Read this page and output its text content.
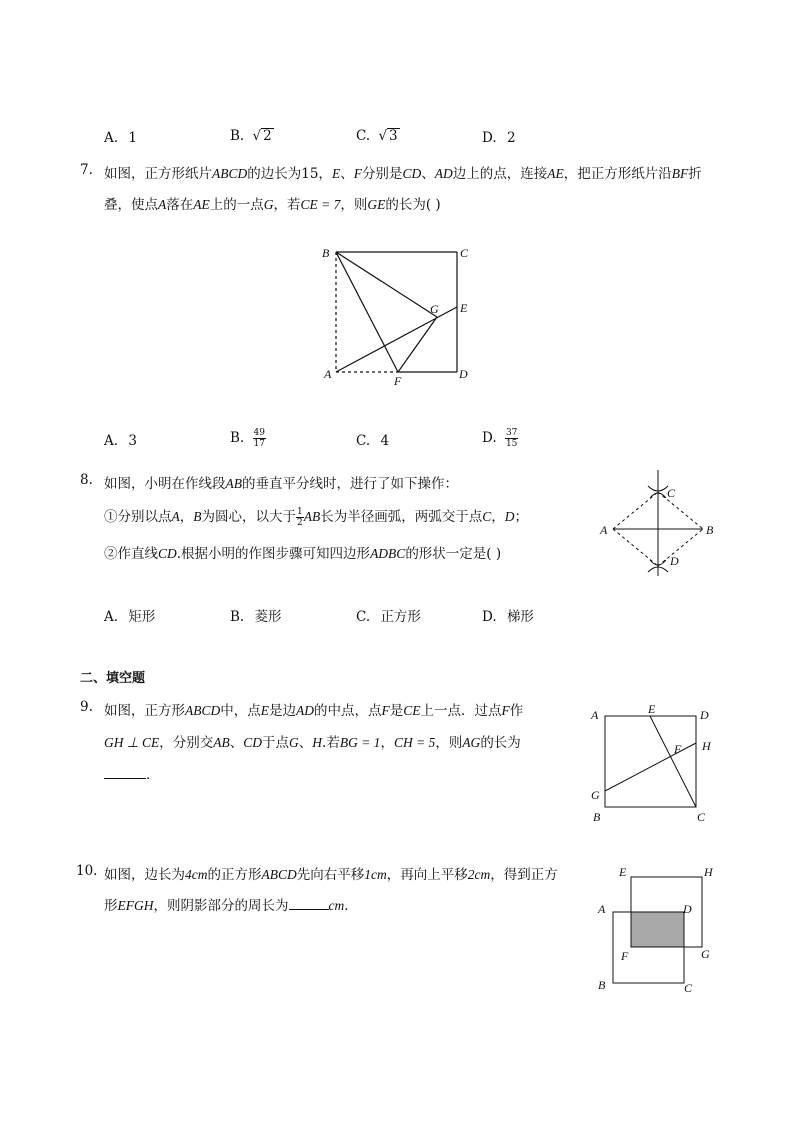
A. 1	B. √ 2	C. √ 3	D. 2
7. 如图，正方形纸片ABCD的边长为15，E、F分别是CD、AD边上的点，连接AE，把正方形纸片沿BF折
叠，使点A落在AE上的一点G，若CE = 7，则GE的长为( )
B	C
G E
A	F	D
A. 3	B. $\frac{49}{17}$	C. 4	D. $\frac{37}{15}$
8. 如图，小明在作线段AB的垂直平分线时，进行了如下操作：
①分别以点A，B为圆心，以大于 $\frac{1}{2}$ AB长为半径画弧，两弧交于点C，D；
②作直线CD.根据小明的作图步骤可知四边形ADBC的形状一定是( )
A	B
C
D
A. 矩形	B. 菱形	C. 正方形	D. 梯形
二、填空题
9. 如图，正方形ABCD中，点E是边AD的中点，点F是CE上一点．过点F作
GH ⊥ CE，分别交AB、CD于点G、H.若BG = 1，CH = 5，则AG的长为
．
A	E	D
F H
G
B	C
10. 如图，边长为4cm的正方形ABCD先向右平移1cm，再向上平移2cm，得到正方
形EFGH，则阴影部分的周长为	cm．
E	H
A	D
F	G
B	C
